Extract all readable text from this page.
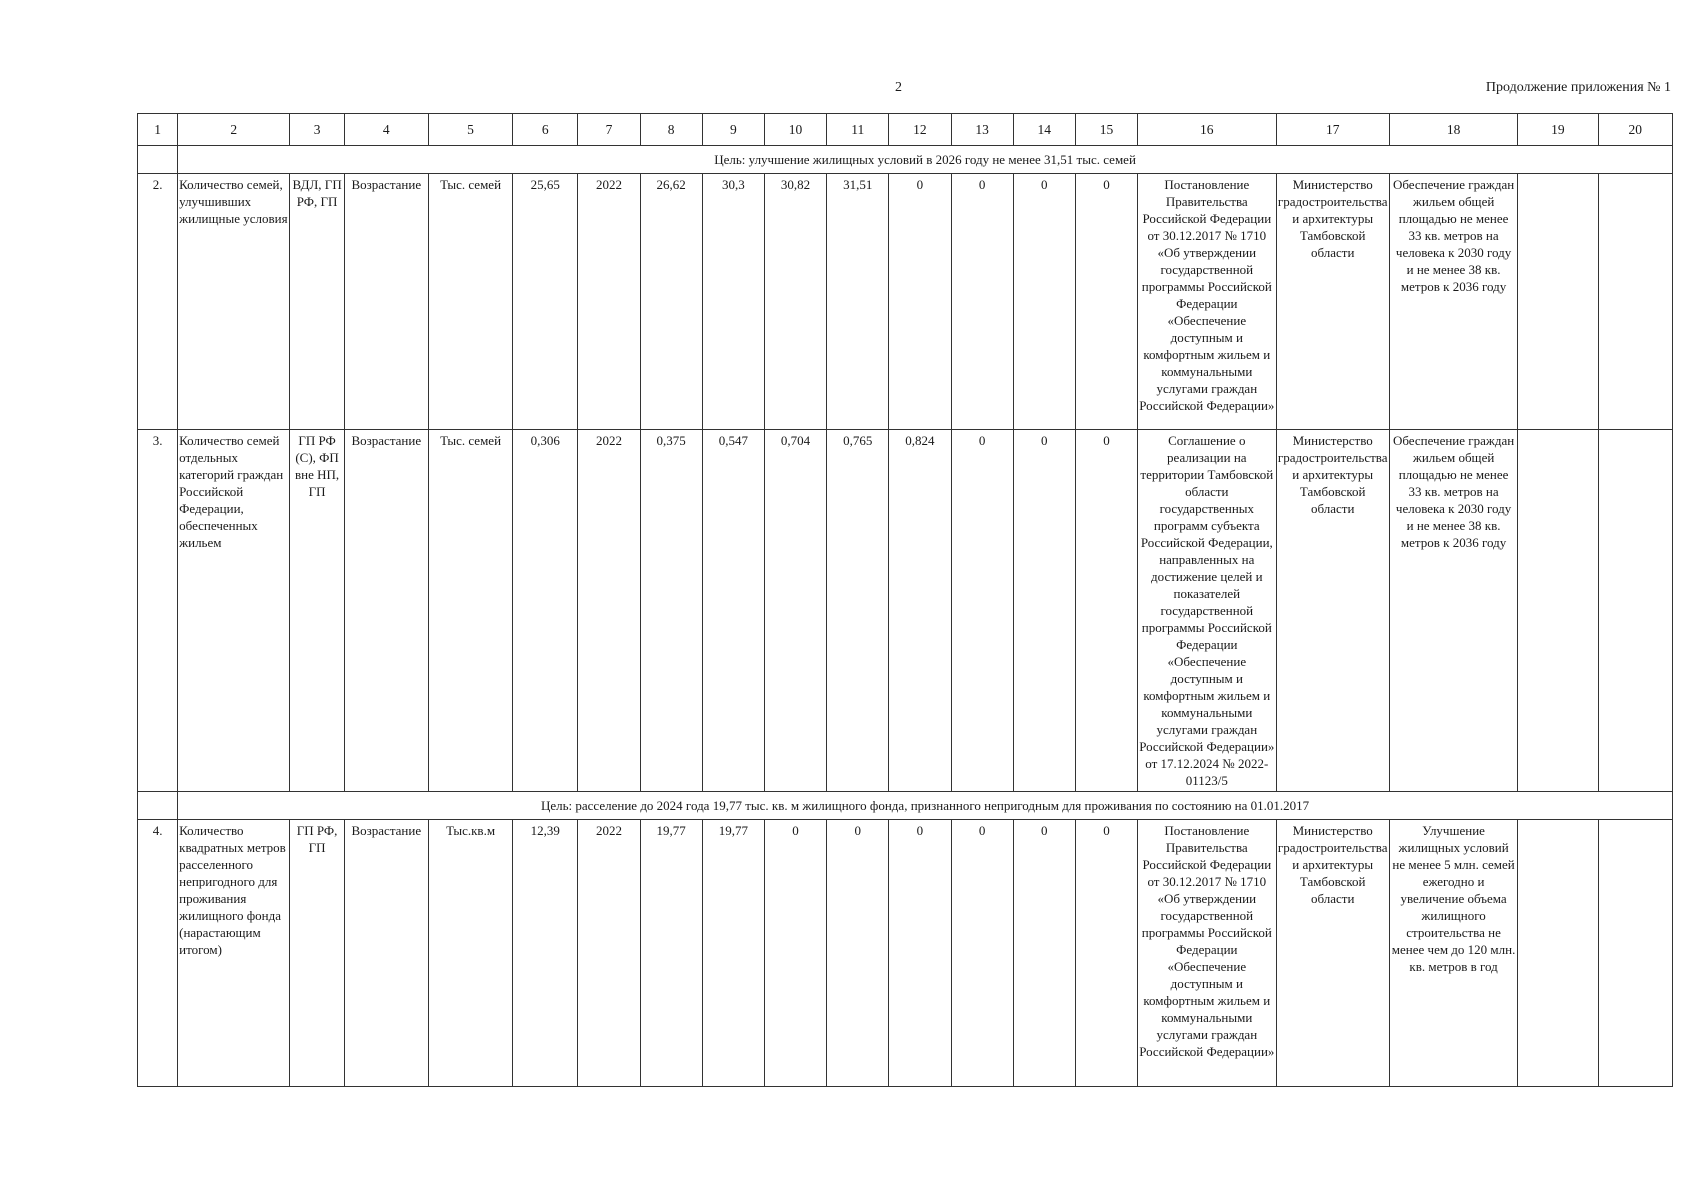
2	Продолжение приложения № 1
1	2	3	4	5	6	7	8	9	10	11	12	13	14	15	16	17	18	19	20
	Цель: улучшение жилищных условий в 2026 году не менее 31,51 тыс. семей																		
2.	Количество семей, улучшивших жилищные условия	ВДЛ, ГП РФ, ГП	Возрастание	Тыс. семей	25,65	2022	26,62	30,3	30,82	31,51	0	0	0	0	Постановление Правительства Российской Федерации от 30.12.2017 № 1710 «Об утверждении государственной программы Российской Федерации «Обеспечение доступным и комфортным жильем и коммунальными услугами граждан Российской Федерации»	Министерство градостроительства и архитектуры Тамбовской области	Обеспечение граждан жильем общей площадью не менее 33 кв. метров на человека к 2030 году и не менее 38 кв. метров к 2036 году		
3.	Количество семей отдельных категорий граждан Российской Федерации, обеспеченных жильем	ГП РФ (С), ФП вне НП, ГП	Возрастание	Тыс. семей	0,306	2022	0,375	0,547	0,704	0,765	0,824	0	0	0	Соглашение о реализации на территории Тамбовской области государственных программ субъекта Российской Федерации, направленных на достижение целей и показателей государственной программы Российской Федерации «Обеспечение доступным и комфортным жильем и коммунальными услугами граждан Российской Федерации» от 17.12.2024 № 2022-01123/5	Министерство градостроительства и архитектуры Тамбовской области	Обеспечение граждан жильем общей площадью не менее 33 кв. метров на человека к 2030 году и не менее 38 кв. метров к 2036 году		
	Цель: расселение до 2024 года 19,77 тыс. кв. м жилищного фонда, признанного непригодным для проживания по состоянию на 01.01.2017																		
4.	Количество квадратных метров расселенного непригодного для проживания жилищного фонда (нарастающим итогом)	ГП РФ, ГП	Возрастание	Тыс.кв.м	12,39	2022	19,77	19,77	0	0	0	0	0	0	Постановление Правительства Российской Федерации от 30.12.2017 № 1710 «Об утверждении государственной программы Российской Федерации «Обеспечение доступным и комфортным жильем и коммунальными услугами граждан Российской Федерации»	Министерство градостроительства и архитектуры Тамбовской области	Улучшение жилищных условий не менее 5 млн. семей ежегодно и увеличение объема жилищного строительства не менее чем до 120 млн. кв. метров в год		
